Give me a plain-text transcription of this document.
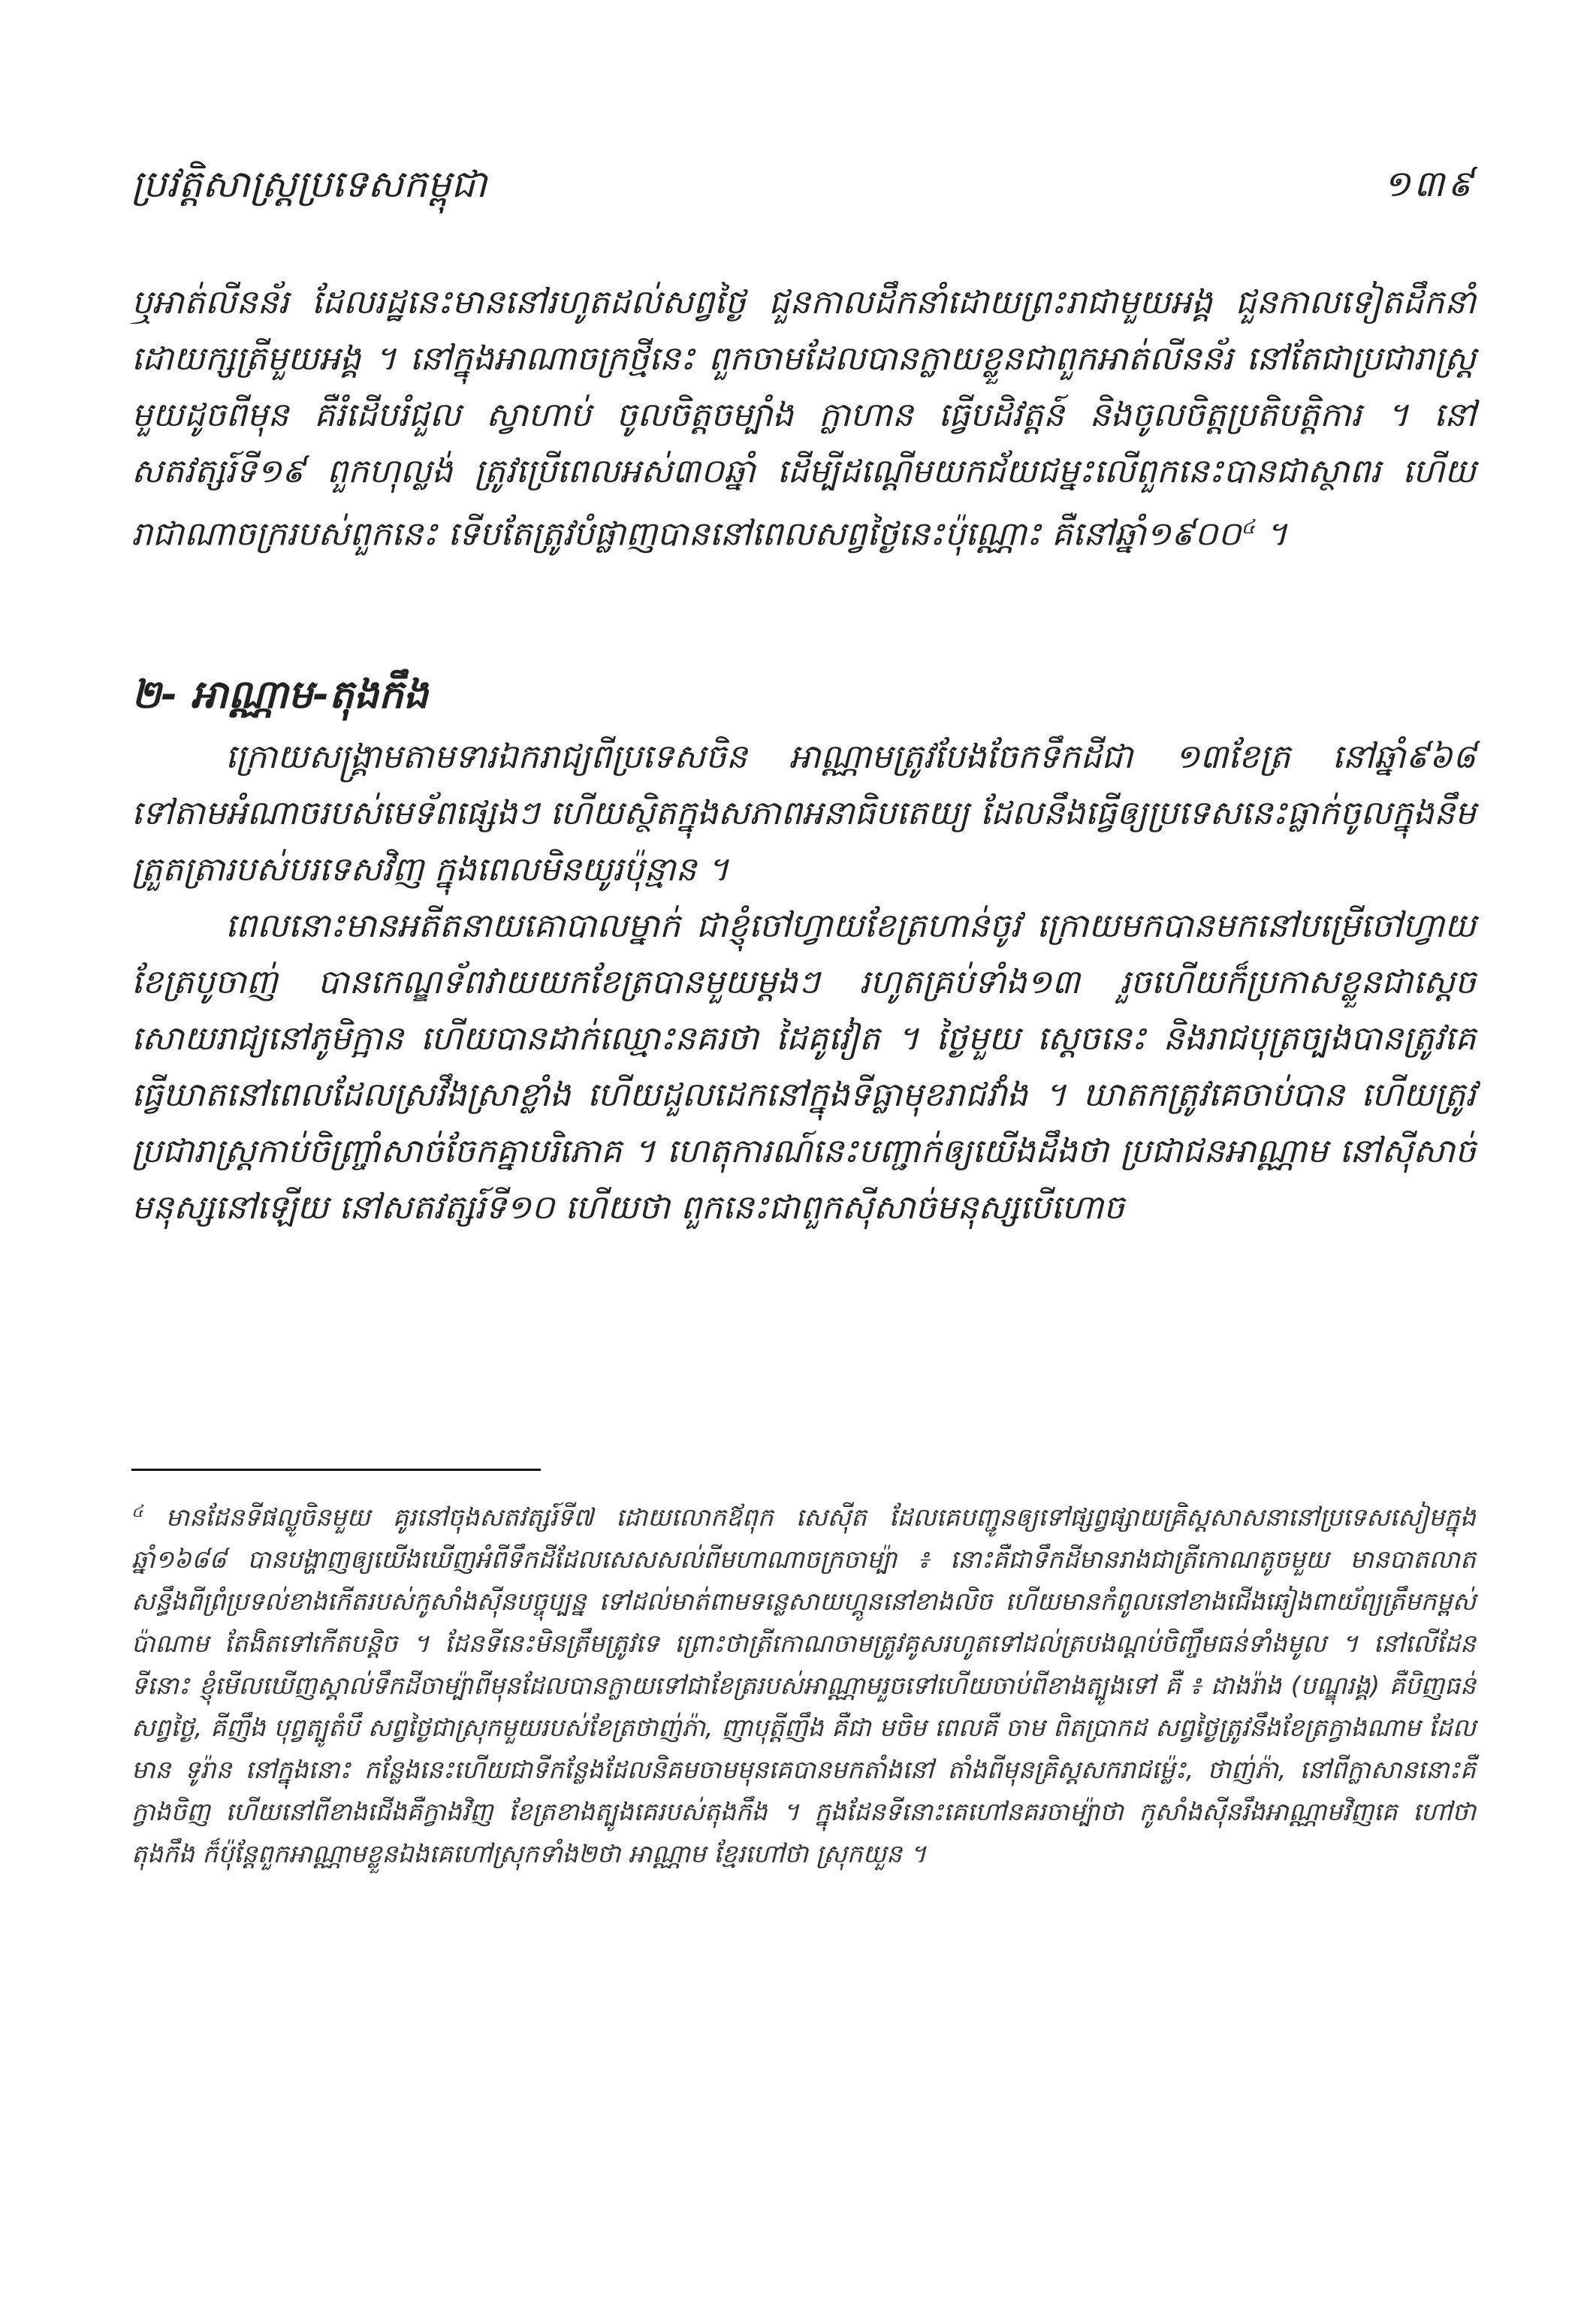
ប្រវត្តិសាស្ត្រប្រទេសកម្ពុជា	១៣៩

ឬអាត់លីនន័រ ដែលរដ្ឋនេះមាននៅរហូតដល់សព្វថ្ងៃ ជួនកាលដឹកនាំដោយព្រះរាជាមួយអង្គ ជួនកាលទៀតដឹកនាំដោយក្សត្រីមួយអង្គ ។ នៅក្នុងអាណាចក្រថ្មីនេះ ពួកចាមដែលបានក្លាយខ្លួនជាពួកអាត់លីនន័រ នៅតែជាប្រជារាស្ត្រមួយដូចពីមុន គឺរំដើបរំជួល ស្វាហាប់ ចូលចិត្តចម្បាំង ក្លាហាន ធ្វើបដិវត្តន៍ និងចូលចិត្តប្រតិបត្តិការ ។ នៅសតវត្សរ៍ទី១៩ ពួកហុល្លង់ ត្រូវប្រើពេលអស់៣០ឆ្នាំ ដើម្បីដណ្តើមយកជ័យជម្នះលើពួកនេះបានជាស្ថាពរ ហើយរាជាណាចក្ររបស់ពួកនេះ ទើបតែត្រូវបំផ្លាញបាននៅពេលសព្វថ្ងៃនេះប៉ុណ្ណោះ គឺនៅឆ្នាំ១៩០០$^៤$ ។

២- អាណ្ណាម-តុងកឹង

ក្រោយសង្គ្រាមតាមទារឯករាជ្យពីប្រទេសចិន អាណ្ណាមត្រូវបែងចែកទឹកដីជា ១៣ខែត្រ នៅឆ្នាំ៩៦៨ ទៅតាមអំណាចរបស់មេទ័ពផ្សេងៗ ហើយស្ថិតក្នុងសភាពអនាធិបតេយ្យ ដែលនឹងធ្វើឲ្យប្រទេសនេះធ្លាក់ចូលក្នុងនឹមត្រួតត្រារបស់បរទេសវិញ ក្នុងពេលមិនយូរប៉ុន្មាន ។

ពេលនោះមានអតីតនាយគោបាលម្នាក់ ជាខ្ញុំចៅហ្វាយខែត្រហាន់ចូវ ក្រោយមកបានមកនៅបម្រើចៅហ្វាយខែត្របូចាញ់ បានកេណ្ឌទ័ពវាយយកខែត្របានមួយម្តងៗ រហូតគ្រប់ទាំង១៣ រួចហើយក៏ប្រកាសខ្លួនជាស្តេចសោយរាជ្យនៅភូមិក្អាន ហើយបានដាក់ឈ្មោះនគរថា ដៃគូវៀត ។ ថ្ងៃមួយ ស្តេចនេះ និងរាជបុត្រច្បងបានត្រូវគេធ្វើឃាតនៅពេលដែលស្រវឹងស្រាខ្លាំង ហើយដួលដេកនៅក្នុងទីធ្លាមុខរាជវាំង ។ ឃាតកត្រូវគេចាប់បាន ហើយត្រូវប្រជារាស្ត្រកាប់ចិញ្ច្រាំសាច់ចែកគ្នាបរិភោគ ។ ហេតុការណ៍នេះបញ្ជាក់ឲ្យយើងដឹងថា ប្រជាជនអាណ្ណាម នៅស៊ីសាច់មនុស្សនៅឡើយ នៅសតវត្សរ៍ទី១០ ហើយថា ពួកនេះជាពួកស៊ីសាច់មនុស្សបើហោច

$^៤$ មានដែនទីផល្លូចិនមួយ គូរនៅចុងសតវត្សរ៍ទី៧ ដោយលោកឪពុក សេស៊ីត ដែលគេបញ្ជូនឲ្យទៅផ្សព្វផ្សាយគ្រិស្តសាសនានៅប្រទេសសៀមក្នុងឆ្នាំ១៦៨៨ បានបង្ហាញឲ្យយើងឃើញអំពីទឹកដីដែលសេសសល់ពីមហាណាចក្រចាម្ប៉ា ៖ នោះគឺជាទឹកដីមានរាងជាត្រីកោណតូចមួយ មានបាតលាតសន្ធឹងពីព្រំប្រទល់ខាងកើតរបស់កូសាំងស៊ីនបច្ចុប្បន្ន ទៅដល់មាត់ពាមទន្លេសាយហ្គូននៅខាងលិច ហើយមានកំពូលនៅខាងជើងឆៀងពាយ័ព្យត្រឹមកម្ពស់ប៉ាណាម តែងិតទៅកើតបន្តិច ។ ដែនទីនេះមិនត្រឹមត្រូវទេ ព្រោះថាត្រីកោណចាមត្រូវគូសរហូតទៅដល់ត្របងណ្តប់ចិញ្ចឹមធន់ទាំងមូល ។ នៅលើដែនទីនោះ ខ្ញុំមើលឃើញស្គាល់ទឹកដីចាម្ប៉ាពីមុនដែលបានក្លាយទៅជាខែត្ររបស់អាណ្ណាមរួចទៅហើយចាប់ពីខាងត្បូងទៅ គឺ ៖ ដាងរ៉ាង (បណ្ឌុរង្គ) គឺបិញធន់សព្វថ្ងៃ, គីញឹង បុព្វត្បូតំបឹ សព្វថ្ងៃជាស្រុកមួយរបស់ខែត្រថាញ់ភ៉ា, ញាបុត្តីញឹង គឺជា មចិម ពេលគឺ ចាម ពិតប្រាកដ សព្វថ្ងៃត្រូវនឹងខែត្រក្វាងណាម ដែលមាន ទូរ៉ាន នៅក្នុងនោះ កន្លែងនេះហើយជាទីកន្លែងដែលនិគមចាមមុនគេបានមកតាំងនៅ តាំងពីមុនគ្រិស្តសករាជម្ល៉េះ, ថាញ់ភ៉ា, នៅពីក្លាសាននោះគឺក្វាងចិញ ហើយនៅពីខាងជើងគឺក្វាងវិញ ខែត្រខាងត្បូងគេរបស់តុងកឹង ។ ក្នុងដែនទីនោះគេហៅនគរចាម្ប៉ាថា កូសាំងស៊ីនរឹងអាណ្ណាមវិញគេ ហៅថា តុងកឹង ក៏ប៉ុន្តែពួកអាណ្ណាមខ្លួនឯងគេហៅស្រុកទាំង២ថា អាណ្ណាម ខ្មែរហៅថា ស្រុកយួន ។
